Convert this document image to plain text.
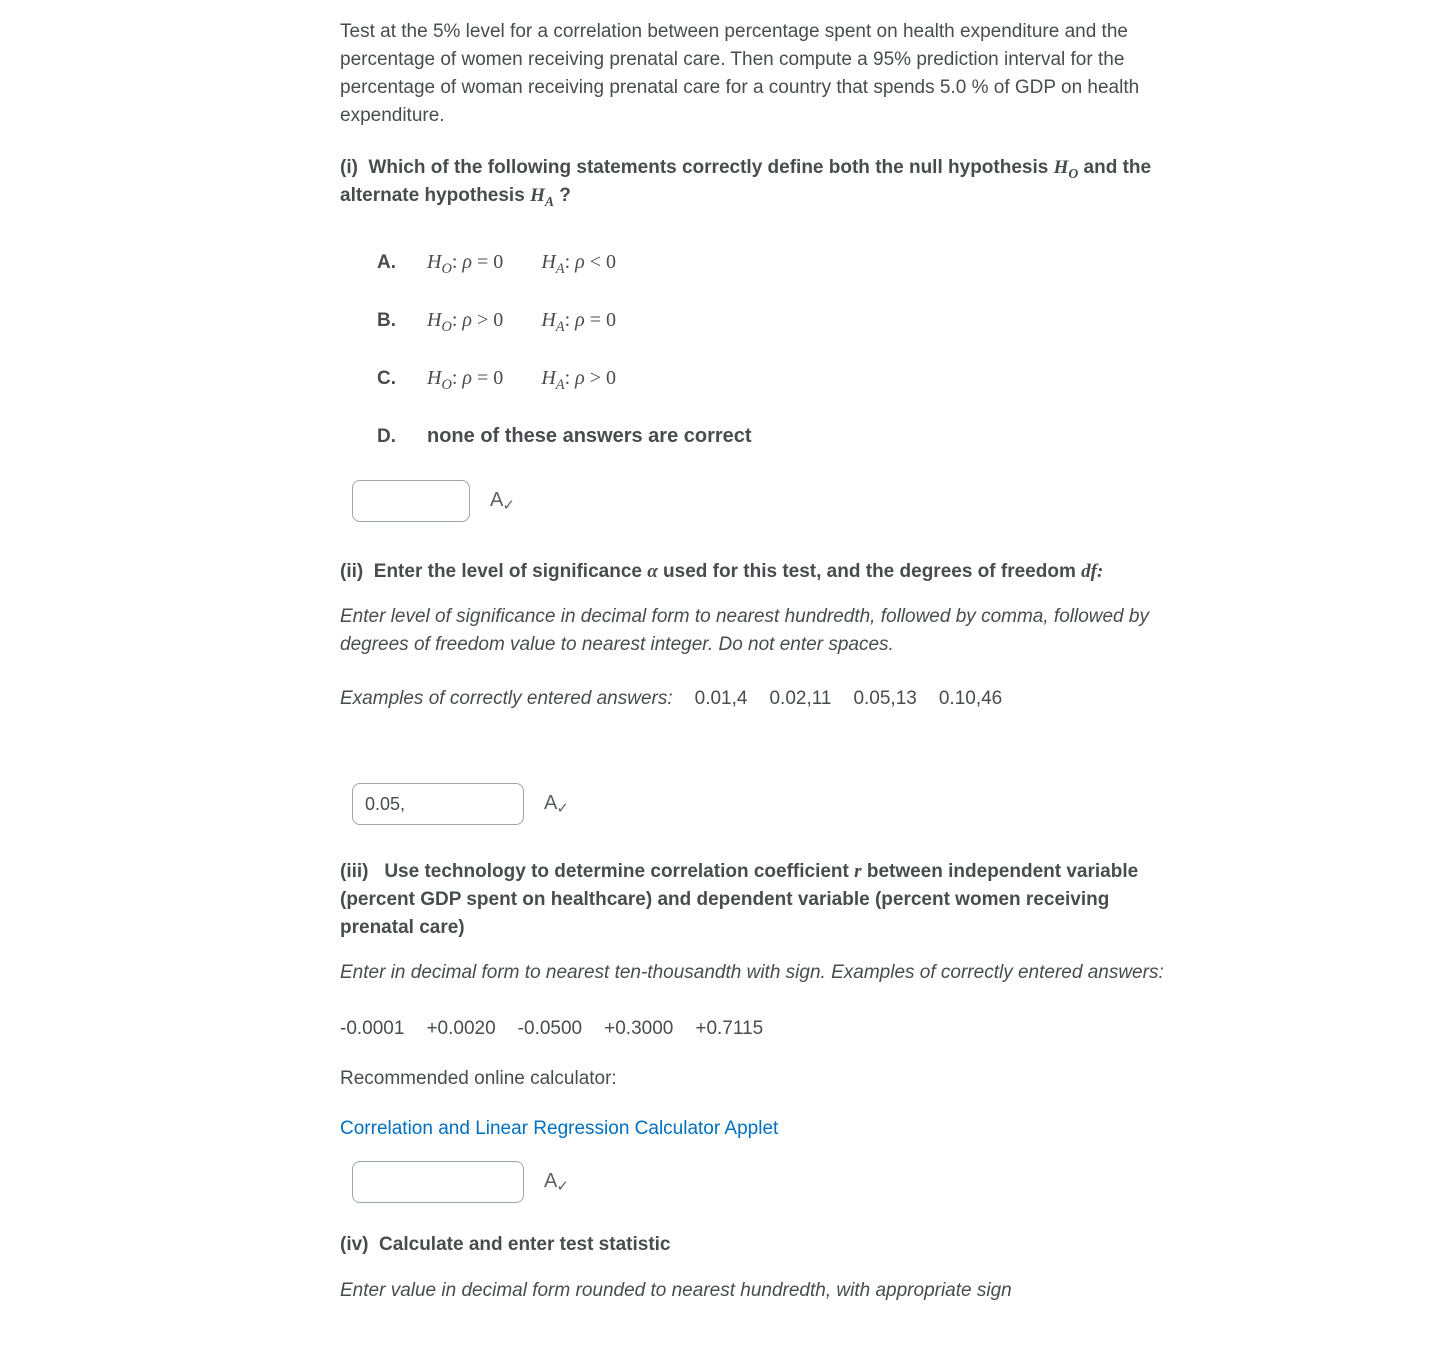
Test at the 5% level for a correlation between percentage spent on health expenditure and the percentage of women receiving prenatal care. Then compute a 95% prediction interval for the percentage of woman receiving prenatal care for a country that spends 5.0 % of GDP on health expenditure.

(i)  Which of the following statements correctly define both the null hypothesis $H_O$ and the alternate hypothesis $H_A$ ?
A. $H_O$: ρ = 0 $H_A$: ρ < 0
B. $H_O$: ρ > 0 $H_A$: ρ = 0
C. $H_O$: ρ = 0 $H_A$: ρ > 0
D. none of these answers are correct
$A_✓$
(ii)  Enter the level of significance α used for this test, and the degrees of freedom df:

Enter level of significance in decimal form to nearest hundredth, followed by comma, followed by degrees of freedom value to nearest integer. Do not enter spaces.

Examples of correctly entered answers: 0.01,4 0.02,11 0.05,13 0.10,46
0.05,
$A_✓$
(iii)   Use technology to determine correlation coefficient r between independent variable (percent GDP spent on healthcare) and dependent variable (percent women receiving prenatal care)

Enter in decimal form to nearest ten-thousandth with sign. Examples of correctly entered answers:

-0.0001 +0.0020 -0.0500 +0.3000 +0.7115

Recommended online calculator:

Correlation and Linear Regression Calculator Applet
$A_✓$
(iv)  Calculate and enter test statistic

Enter value in decimal form rounded to nearest hundredth, with appropriate sign
